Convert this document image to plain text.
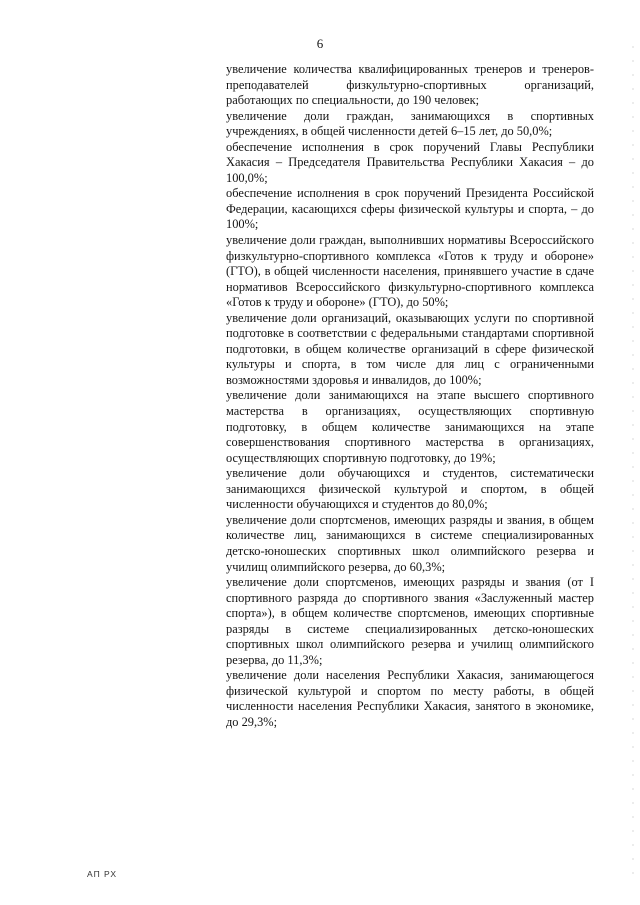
6

увеличение количества квалифицированных тренеров и тренеров-преподавателей физкультурно-спортивных организаций, работающих по специальности, до 190 человек;

увеличение доли граждан, занимающихся в спортивных учреждениях, в общей численности детей 6–15 лет, до 50,0%;

обеспечение исполнения в срок поручений Главы Республики Хакасия – Председателя Правительства Республики Хакасия – до 100,0%;

обеспечение исполнения в срок поручений Президента Российской Федерации, касающихся сферы физической культуры и спорта, – до 100%;

увеличение доли граждан, выполнивших нормативы Всероссийского физкультурно-спортивного комплекса «Готов к труду и обороне» (ГТО), в общей численности населения, принявшего участие в сдаче нормативов Всероссийского физкультурно-спортивного комплекса «Готов к труду и обороне» (ГТО), до 50%;

увеличение доли организаций, оказывающих услуги по спортивной подготовке в соответствии с федеральными стандартами спортивной подготовки, в общем количестве организаций в сфере физической культуры и спорта, в том числе для лиц с ограниченными возможностями здоровья и инвалидов, до 100%;

увеличение доли занимающихся на этапе высшего спортивного мастерства в организациях, осуществляющих спортивную подготовку, в общем количестве занимающихся на этапе совершенствования спортивного мастерства в организациях, осуществляющих спортивную подготовку, до 19%;

увеличение доли обучающихся и студентов, систематически занимающихся физической культурой и спортом, в общей численности обучающихся и студентов до 80,0%;

увеличение доли спортсменов, имеющих разряды и звания, в общем количестве лиц, занимающихся в системе специализированных детско-юношеских спортивных школ олимпийского резерва и училищ олимпийского резерва, до 60,3%;

увеличение доли спортсменов, имеющих разряды и звания (от I спортивного разряда до спортивного звания «Заслуженный мастер спорта»), в общем количестве спортсменов, имеющих спортивные разряды в системе специализированных детско-юношеских спортивных школ олимпийского резерва и училищ олимпийского резерва, до 11,3%;

увеличение доли населения Республики Хакасия, занимающегося физической культурой и спортом по месту работы, в общей численности населения Республики Хакасия, занятого в экономике, до 29,3%;

АП РХ
